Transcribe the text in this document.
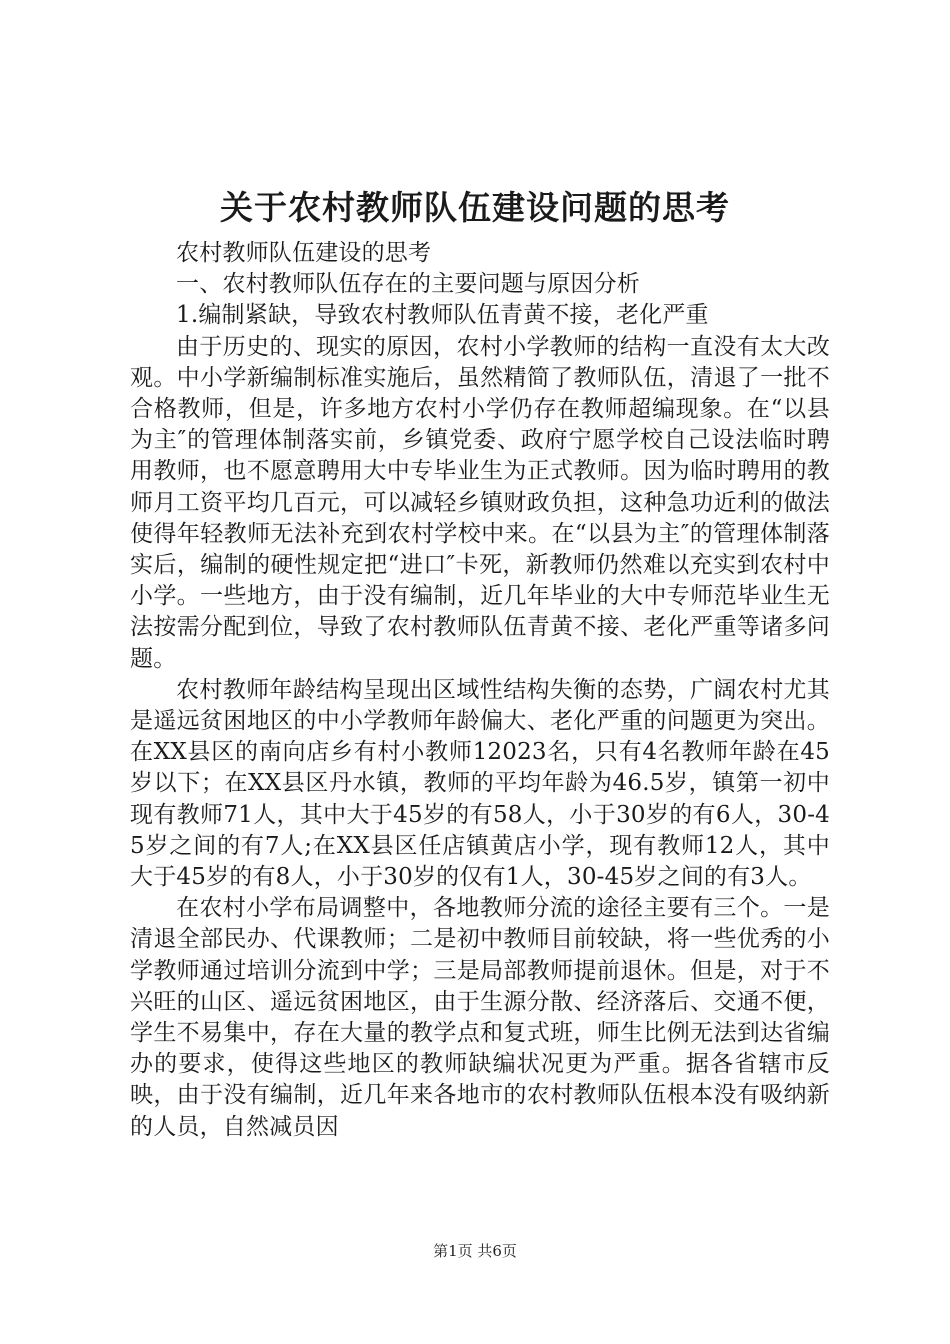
关于农村教师队伍建设问题的思考

农村教师队伍建设的思考

一、农村教师队伍存在的主要问题与原因分析

1.编制紧缺，导致农村教师队伍青黄不接，老化严重

由于历史的、现实的原因，农村小学教师的结构一直没有太大改观。中小学新编制标准实施后，虽然精简了教师队伍，清退了一批不合格教师，但是，许多地方农村小学仍存在教师超编现象。在“以县为主″的管理体制落实前，乡镇党委、政府宁愿学校自己设法临时聘用教师，也不愿意聘用大中专毕业生为正式教师。因为临时聘用的教师月工资平均几百元，可以减轻乡镇财政负担，这种急功近利的做法使得年轻教师无法补充到农村学校中来。在“以县为主″的管理体制落实后，编制的硬性规定把“进口″卡死，新教师仍然难以充实到农村中小学。一些地方，由于没有编制，近几年毕业的大中专师范毕业生无法按需分配到位，导致了农村教师队伍青黄不接、老化严重等诸多问题。

农村教师年龄结构呈现出区域性结构失衡的态势，广阔农村尤其是遥远贫困地区的中小学教师年龄偏大、老化严重的问题更为突出。在XX县区的南向店乡有村小教师12023名，只有4名教师年龄在45岁以下；在XX县区丹水镇，教师的平均年龄为46.5岁，镇第一初中现有教师71人，其中大于45岁的有58人，小于30岁的有6人，30-45岁之间的有7人;在XX县区任店镇黄店小学，现有教师12人，其中大于45岁的有8人，小于30岁的仅有1人，30-45岁之间的有3人。

在农村小学布局调整中，各地教师分流的途径主要有三个。一是清退全部民办、代课教师；二是初中教师目前较缺，将一些优秀的小学教师通过培训分流到中学；三是局部教师提前退休。但是，对于不兴旺的山区、遥远贫困地区，由于生源分散、经济落后、交通不便，学生不易集中，存在大量的教学点和复式班，师生比例无法到达省编办的要求，使得这些地区的教师缺编状况更为严重。据各省辖市反映，由于没有编制，近几年来各地市的农村教师队伍根本没有吸纳新的人员，自然减员因

第1页 共6页
